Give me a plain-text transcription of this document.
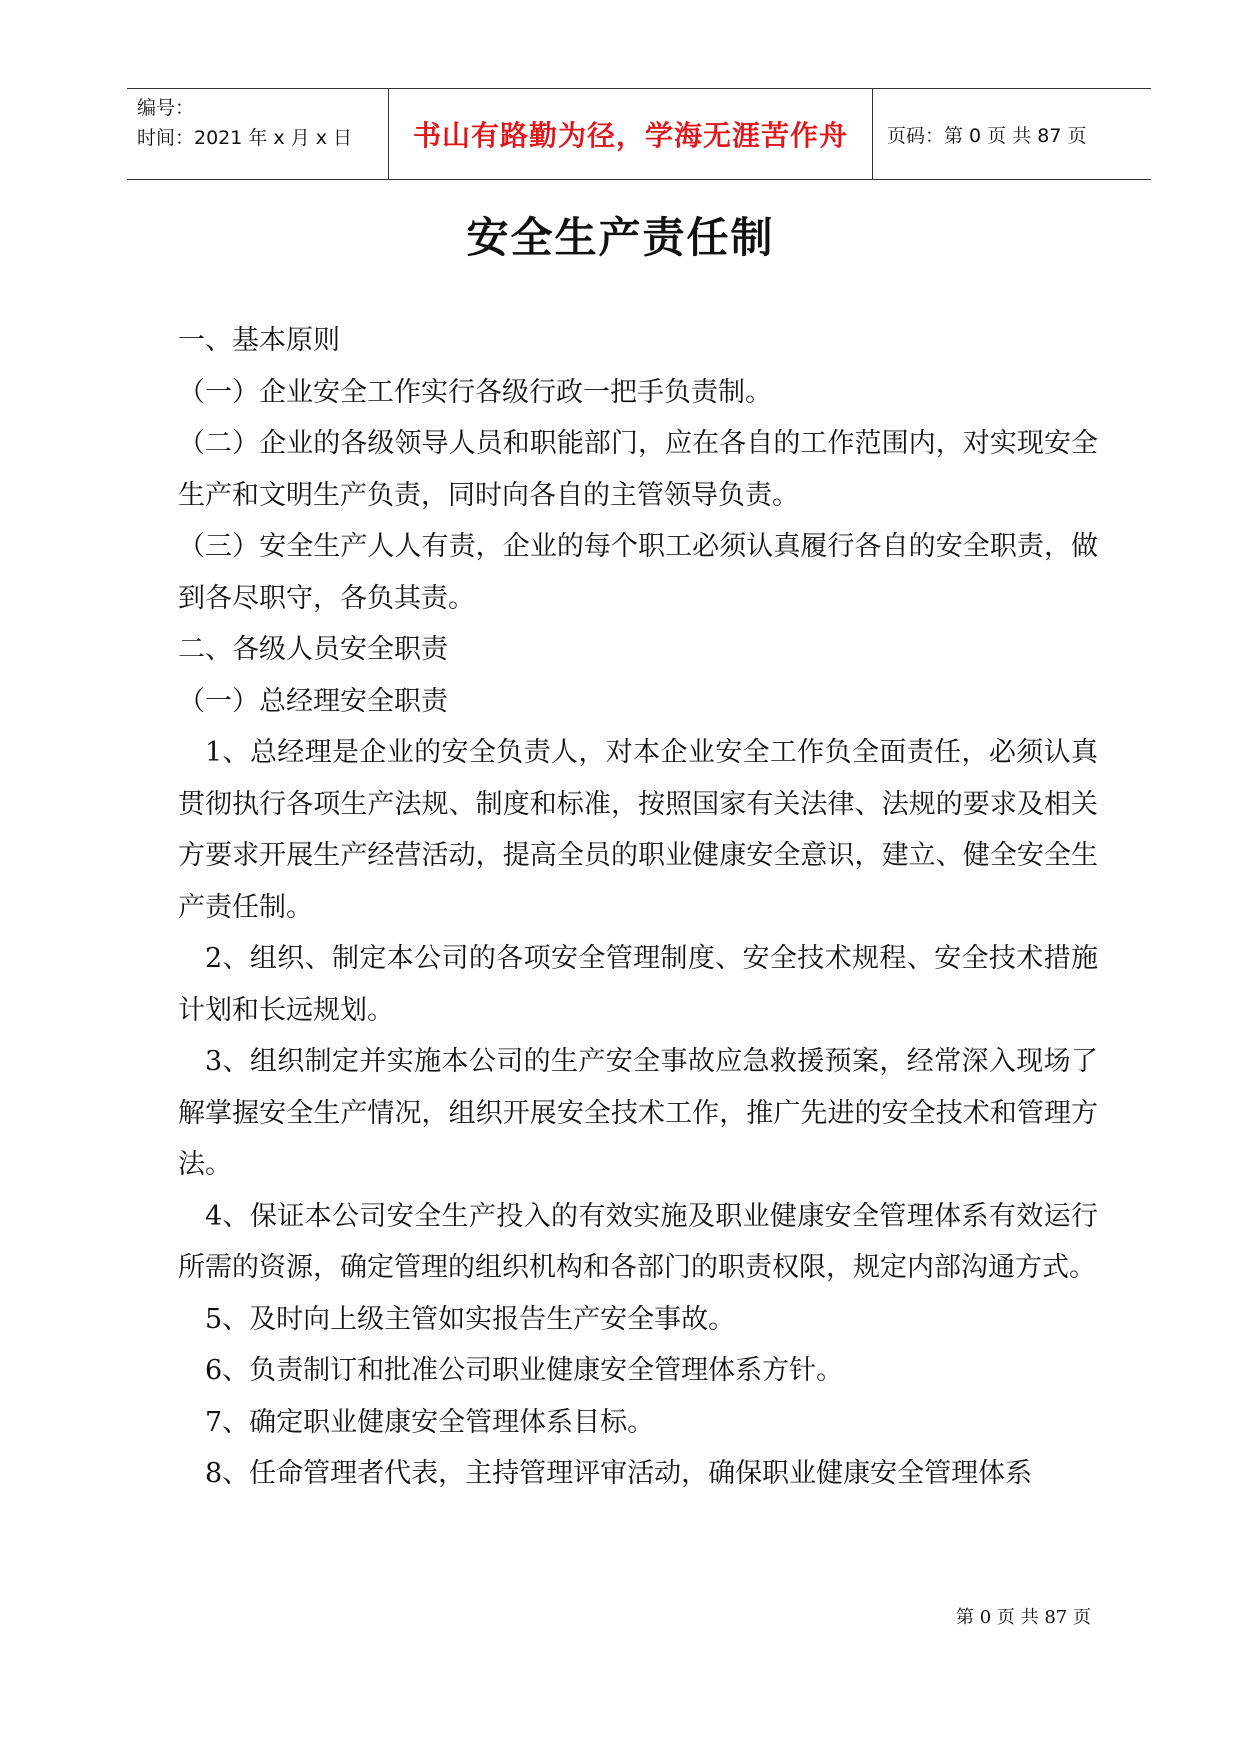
编号：
时间：2021 年 x 月 x 日	书山有路勤为径，学海无涯苦作舟	页码：第 0 页 共 87 页
安全生产责任制

一、基本原则

（一）企业安全工作实行各级行政一把手负责制。

（二）企业的各级领导人员和职能部门，应在各自的工作范围内，对实现安全生产和文明生产负责，同时向各自的主管领导负责。

（三）安全生产人人有责，企业的每个职工必须认真履行各自的安全职责，做到各尽职守，各负其责。

二、各级人员安全职责

（一）总经理安全职责

1、总经理是企业的安全负责人，对本企业安全工作负全面责任，必须认真贯彻执行各项生产法规、制度和标准，按照国家有关法律、法规的要求及相关方要求开展生产经营活动，提高全员的职业健康安全意识，建立、健全安全生产责任制。

2、组织、制定本公司的各项安全管理制度、安全技术规程、安全技术措施计划和长远规划。

3、组织制定并实施本公司的生产安全事故应急救援预案，经常深入现场了解掌握安全生产情况，组织开展安全技术工作，推广先进的安全技术和管理方法。

4、保证本公司安全生产投入的有效实施及职业健康安全管理体系有效运行所需的资源，确定管理的组织机构和各部门的职责权限，规定内部沟通方式。

5、及时向上级主管如实报告生产安全事故。

6、负责制订和批准公司职业健康安全管理体系方针。

7、确定职业健康安全管理体系目标。

8、任命管理者代表，主持管理评审活动，确保职业健康安全管理体系

第 0 页 共 87 页
